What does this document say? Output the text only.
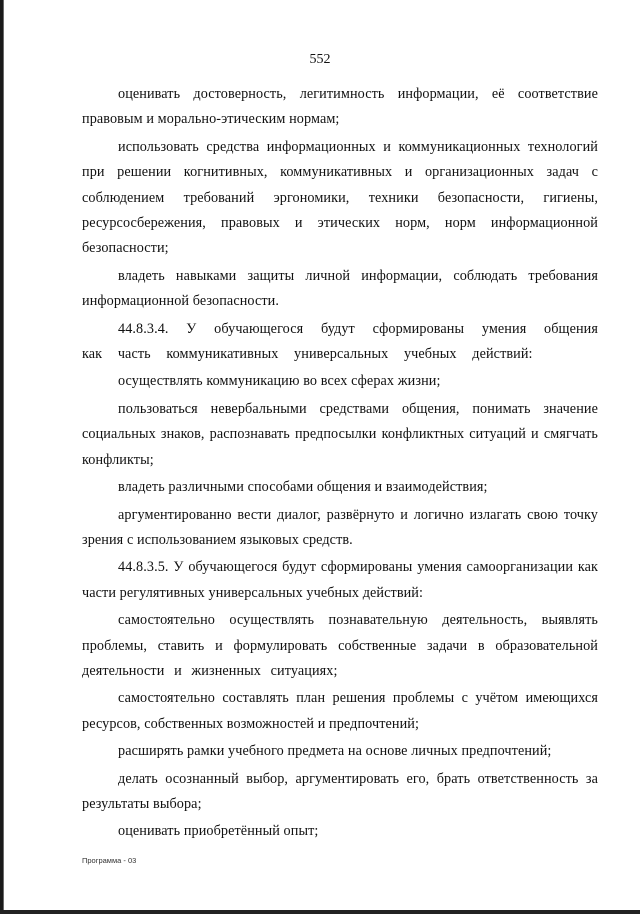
552

оценивать достоверность, легитимность информации, её соответствие правовым и морально-этическим нормам;

использовать средства информационных и коммуникационных технологий при решении когнитивных, коммуникативных и организационных задач с соблюдением требований эргономики, техники безопасности, гигиены, ресурсосбережения, правовых и этических норм, норм информационной безопасности;

владеть навыками защиты личной информации, соблюдать требования информационной безопасности.

44.8.3.4. У обучающегося будут сформированы умения общения как часть коммуникативных универсальных учебных действий:

осуществлять коммуникацию во всех сферах жизни;

пользоваться невербальными средствами общения, понимать значение социальных знаков, распознавать предпосылки конфликтных ситуаций и смягчать конфликты;

владеть различными способами общения и взаимодействия;

аргументированно вести диалог, развёрнуто и логично излагать свою точку зрения с использованием языковых средств.

44.8.3.5. У обучающегося будут сформированы умения самоорганизации как части регулятивных универсальных учебных действий:

самостоятельно осуществлять познавательную деятельность, выявлять проблемы, ставить и формулировать собственные задачи в образовательной деятельности и жизненных ситуациях;

самостоятельно составлять план решения проблемы с учётом имеющихся ресурсов, собственных возможностей и предпочтений;

расширять рамки учебного предмета на основе личных предпочтений;

делать осознанный выбор, аргументировать его, брать ответственность за результаты выбора;

оценивать приобретённый опыт;

Программа - 03
